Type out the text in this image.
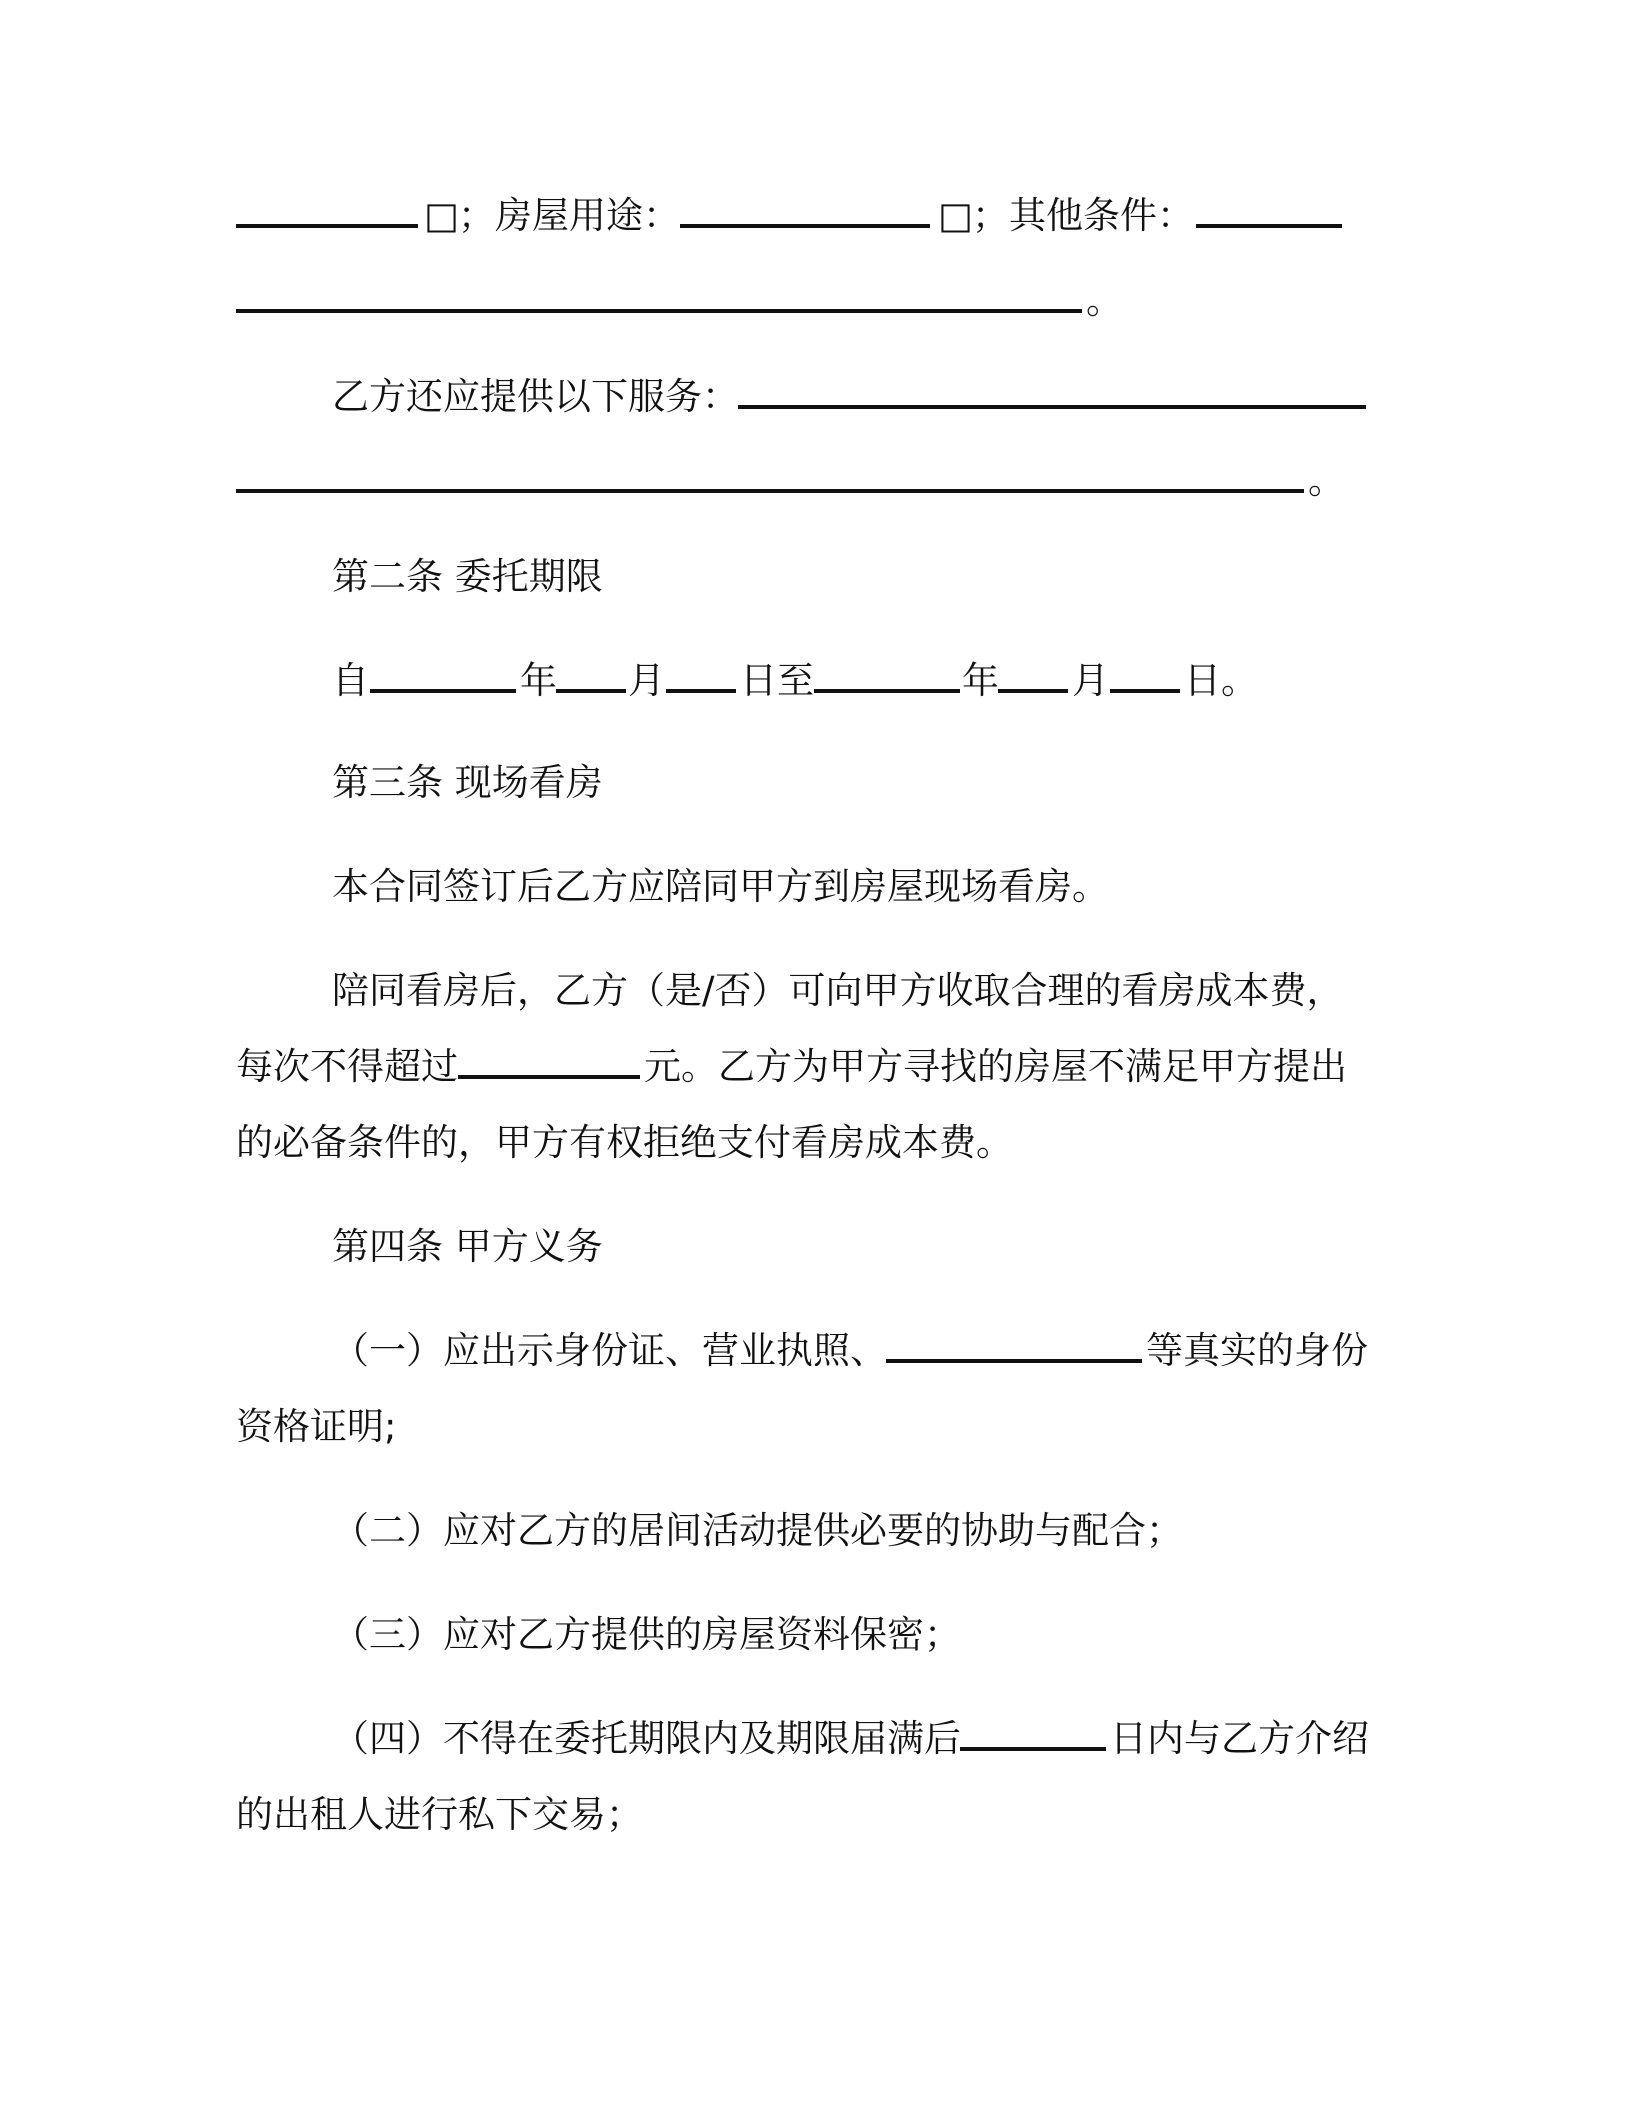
□ ；房屋用途：	□ ；其他条件：
。
乙方还应提供以下服务：
。
第二条 委托期限
自	年 月 日至	年 月 日。
第三条 现场看房
本合同签订后乙方应陪同甲方到房屋现场看房。
陪同看房后，乙方（是/否）可向甲方收取合理的看房成本费，
每次不得超过	元。乙方为甲方寻找的房屋不满足甲方提出
的必备条件的，甲方有权拒绝支付看房成本费。
第四条 甲方义务
（一）应出示身份证、营业执照、	等真实的身份
资格证明;
（二）应对乙方的居间活动提供必要的协助与配合；
（三）应对乙方提供的房屋资料保密；
（四）不得在委托期限内及期限届满后	日内与乙方介绍
的出租人进行私下交易；
